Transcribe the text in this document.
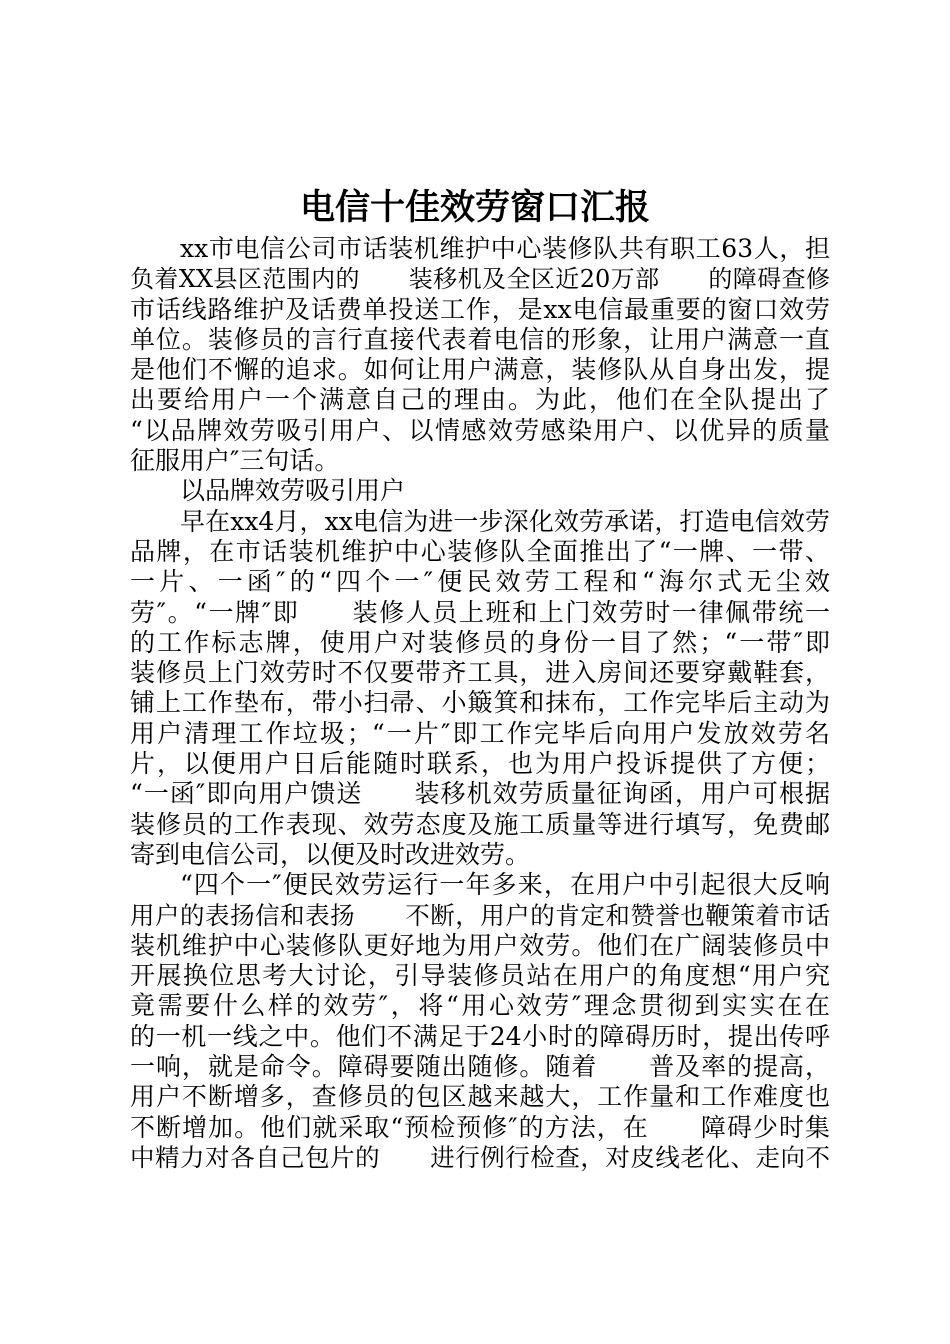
电信十佳效劳窗口汇报
xx市电信公司市话装机维护中心装修队共有职工63人，担
负着XX县区范围内的　　装移机及全区近20万部　　的障碍查修
市话线路维护及话费单投送工作，是xx电信最重要的窗口效劳
单位。装修员的言行直接代表着电信的形象，让用户满意一直
是他们不懈的追求。如何让用户满意，装修队从自身出发，提
出要给用户一个满意自己的理由。为此，他们在全队提出了
“以品牌效劳吸引用户、以情感效劳感染用户、以优异的质量
征服用户″三句话。
以品牌效劳吸引用户
早在xx4月，xx电信为进一步深化效劳承诺，打造电信效劳
品牌，在市话装机维护中心装修队全面推出了“一牌、一带、
一片、一函″的“四个一″便民效劳工程和“海尔式无尘效
劳″。“一牌″即　　装修人员上班和上门效劳时一律佩带统一
的工作标志牌，使用户对装修员的身份一目了然；“一带″即
装修员上门效劳时不仅要带齐工具，进入房间还要穿戴鞋套，
铺上工作垫布，带小扫帚、小簸箕和抹布，工作完毕后主动为
用户清理工作垃圾；“一片″即工作完毕后向用户发放效劳名
片，以便用户日后能随时联系，也为用户投诉提供了方便；
“一函″即向用户馈送　　装移机效劳质量征询函，用户可根据
装修员的工作表现、效劳态度及施工质量等进行填写，免费邮
寄到电信公司，以便及时改进效劳。
“四个一″便民效劳运行一年多来，在用户中引起很大反响
用户的表扬信和表扬　　不断，用户的肯定和赞誉也鞭策着市话
装机维护中心装修队更好地为用户效劳。他们在广阔装修员中
开展换位思考大讨论，引导装修员站在用户的角度想“用户究
竟需要什么样的效劳″，将“用心效劳″理念贯彻到实实在在
的一机一线之中。他们不满足于24小时的障碍历时，提出传呼
一响，就是命令。障碍要随出随修。随着　　普及率的提高，
用户不断增多，查修员的包区越来越大，工作量和工作难度也
不断增加。他们就采取“预检预修″的方法，在　　障碍少时集
中精力对各自己包片的　　进行例行检查，对皮线老化、走向不
